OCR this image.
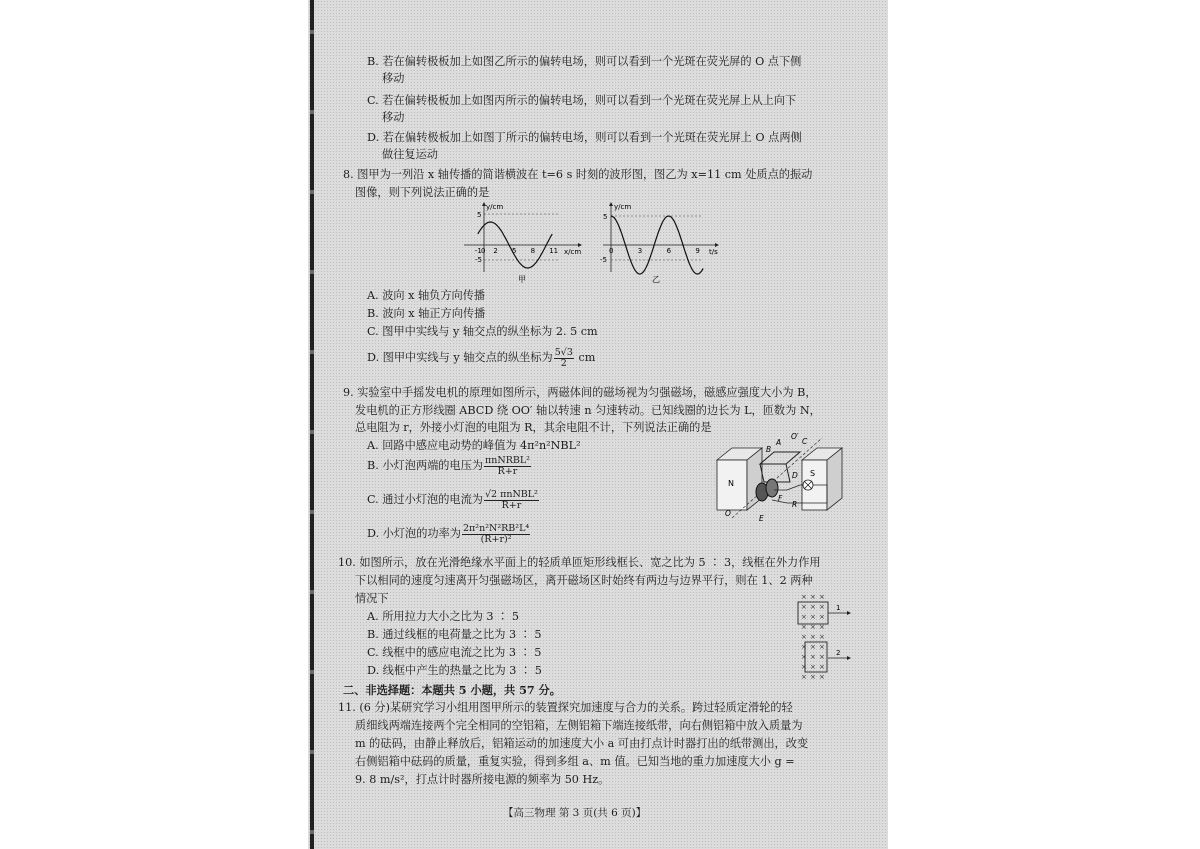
B. 若在偏转极板加上如图乙所示的偏转电场，则可以看到一个光斑在荧光屏的 O 点下侧
移动
C. 若在偏转极板加上如图丙所示的偏转电场，则可以看到一个光斑在荧光屏上从上向下
移动
D. 若在偏转极板加上如图丁所示的偏转电场，则可以看到一个光斑在荧光屏上 O 点两侧
做往复运动
8. 图甲为一列沿 x 轴传播的简谐横波在 t=6 s 时刻的波形图，图乙为 x=11 cm 处质点的振动
图像，则下列说法正确的是
y/cm
x/cm
5
-5
-1 0 2 5 8 11
甲
y/cm
t/s
5
-5
0	3	6	9
乙
A. 波向 x 轴负方向传播
B. 波向 x 轴正方向传播
C. 图甲中实线与 y 轴交点的纵坐标为 2. 5 cm
D. 图甲中实线与 y 轴交点的纵坐标为 $\frac{5√3}{2}$ cm
9. 实验室中手摇发电机的原理如图所示，两磁体间的磁场视为匀强磁场，磁感应强度大小为 B，
发电机的正方形线圈 ABCD 绕 OO′ 轴以转速 n 匀速转动。已知线圈的边长为 L，匝数为 N，
总电阻为 r，外接小灯泡的电阻为 R，其余电阻不计，下列说法正确的是
A. 回路中感应电动势的峰值为 4π²n²NBL²
B. 小灯泡两端的电压为 $\frac{\text{πnNRBL²}}{R+r}$
C. 通过小灯泡的电流为 $\frac{\text{√2 πnNBL²}}{R+r}$
D. 小灯泡的功率为 $\frac{\text{2π²n²N²RB²L⁴}}{\text{(R+r)²}}$
N
S
B
A	C
D
O′
O
F
E
R
10. 如图所示，放在光滑绝缘水平面上的轻质单匝矩形线框长、宽之比为 5 ∶ 3，线框在外力作用
下以相同的速度匀速离开匀强磁场区，离开磁场区时始终有两边与边界平行，则在 1、2 两种
情况下
A. 所用拉力大小之比为 3 ∶ 5
B. 通过线框的电荷量之比为 3 ∶ 5
C. 线框中的感应电流之比为 3 ∶ 5
D. 线框中产生的热量之比为 3 ∶ 5
× × ×
× × ×
× × ×
× × ×
× × ×
× × ×
× × ×
× × ×
× × ×
1
2
二、非选择题：本题共 5 小题，共 57 分。
11. (6 分)某研究学习小组用图甲所示的装置探究加速度与合力的关系。跨过轻质定滑轮的轻
质细线两端连接两个完全相同的空铝箱，左侧铝箱下端连接纸带，向右侧铝箱中放入质量为
m 的砝码，由静止释放后，铝箱运动的加速度大小 a 可由打点计时器打出的纸带测出，改变
右侧铝箱中砝码的质量，重复实验，得到多组 a、m 值。已知当地的重力加速度大小 g =
9. 8 m/s²，打点计时器所接电源的频率为 50 Hz。
【高三物理 第 3 页(共 6 页)】
